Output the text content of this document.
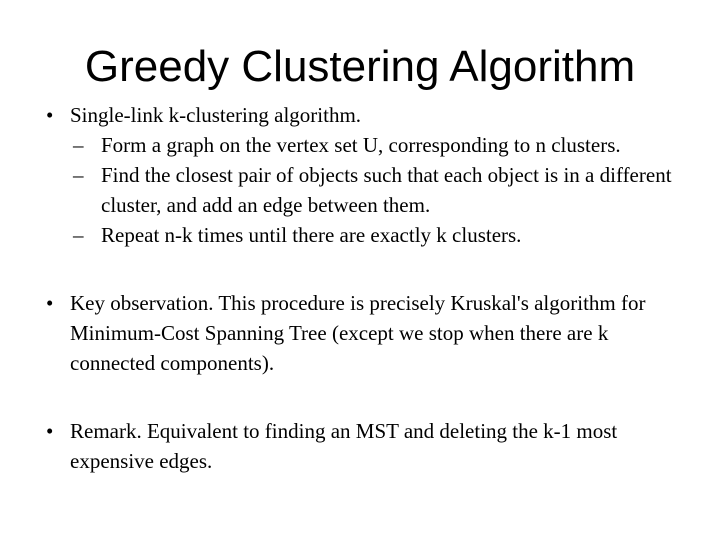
Greedy Clustering Algorithm
• Single-link k-clustering algorithm.
– Form a graph on the vertex set U, corresponding to n clusters.
– Find the closest pair of objects such that each object is in a different cluster, and add an edge between them.
– Repeat n-k times until there are exactly k clusters.
• Key observation. This procedure is precisely Kruskal's algorithm for Minimum-Cost Spanning Tree (except we stop when there are k connected components).
• Remark. Equivalent to finding an MST and deleting the k-1 most expensive edges.
